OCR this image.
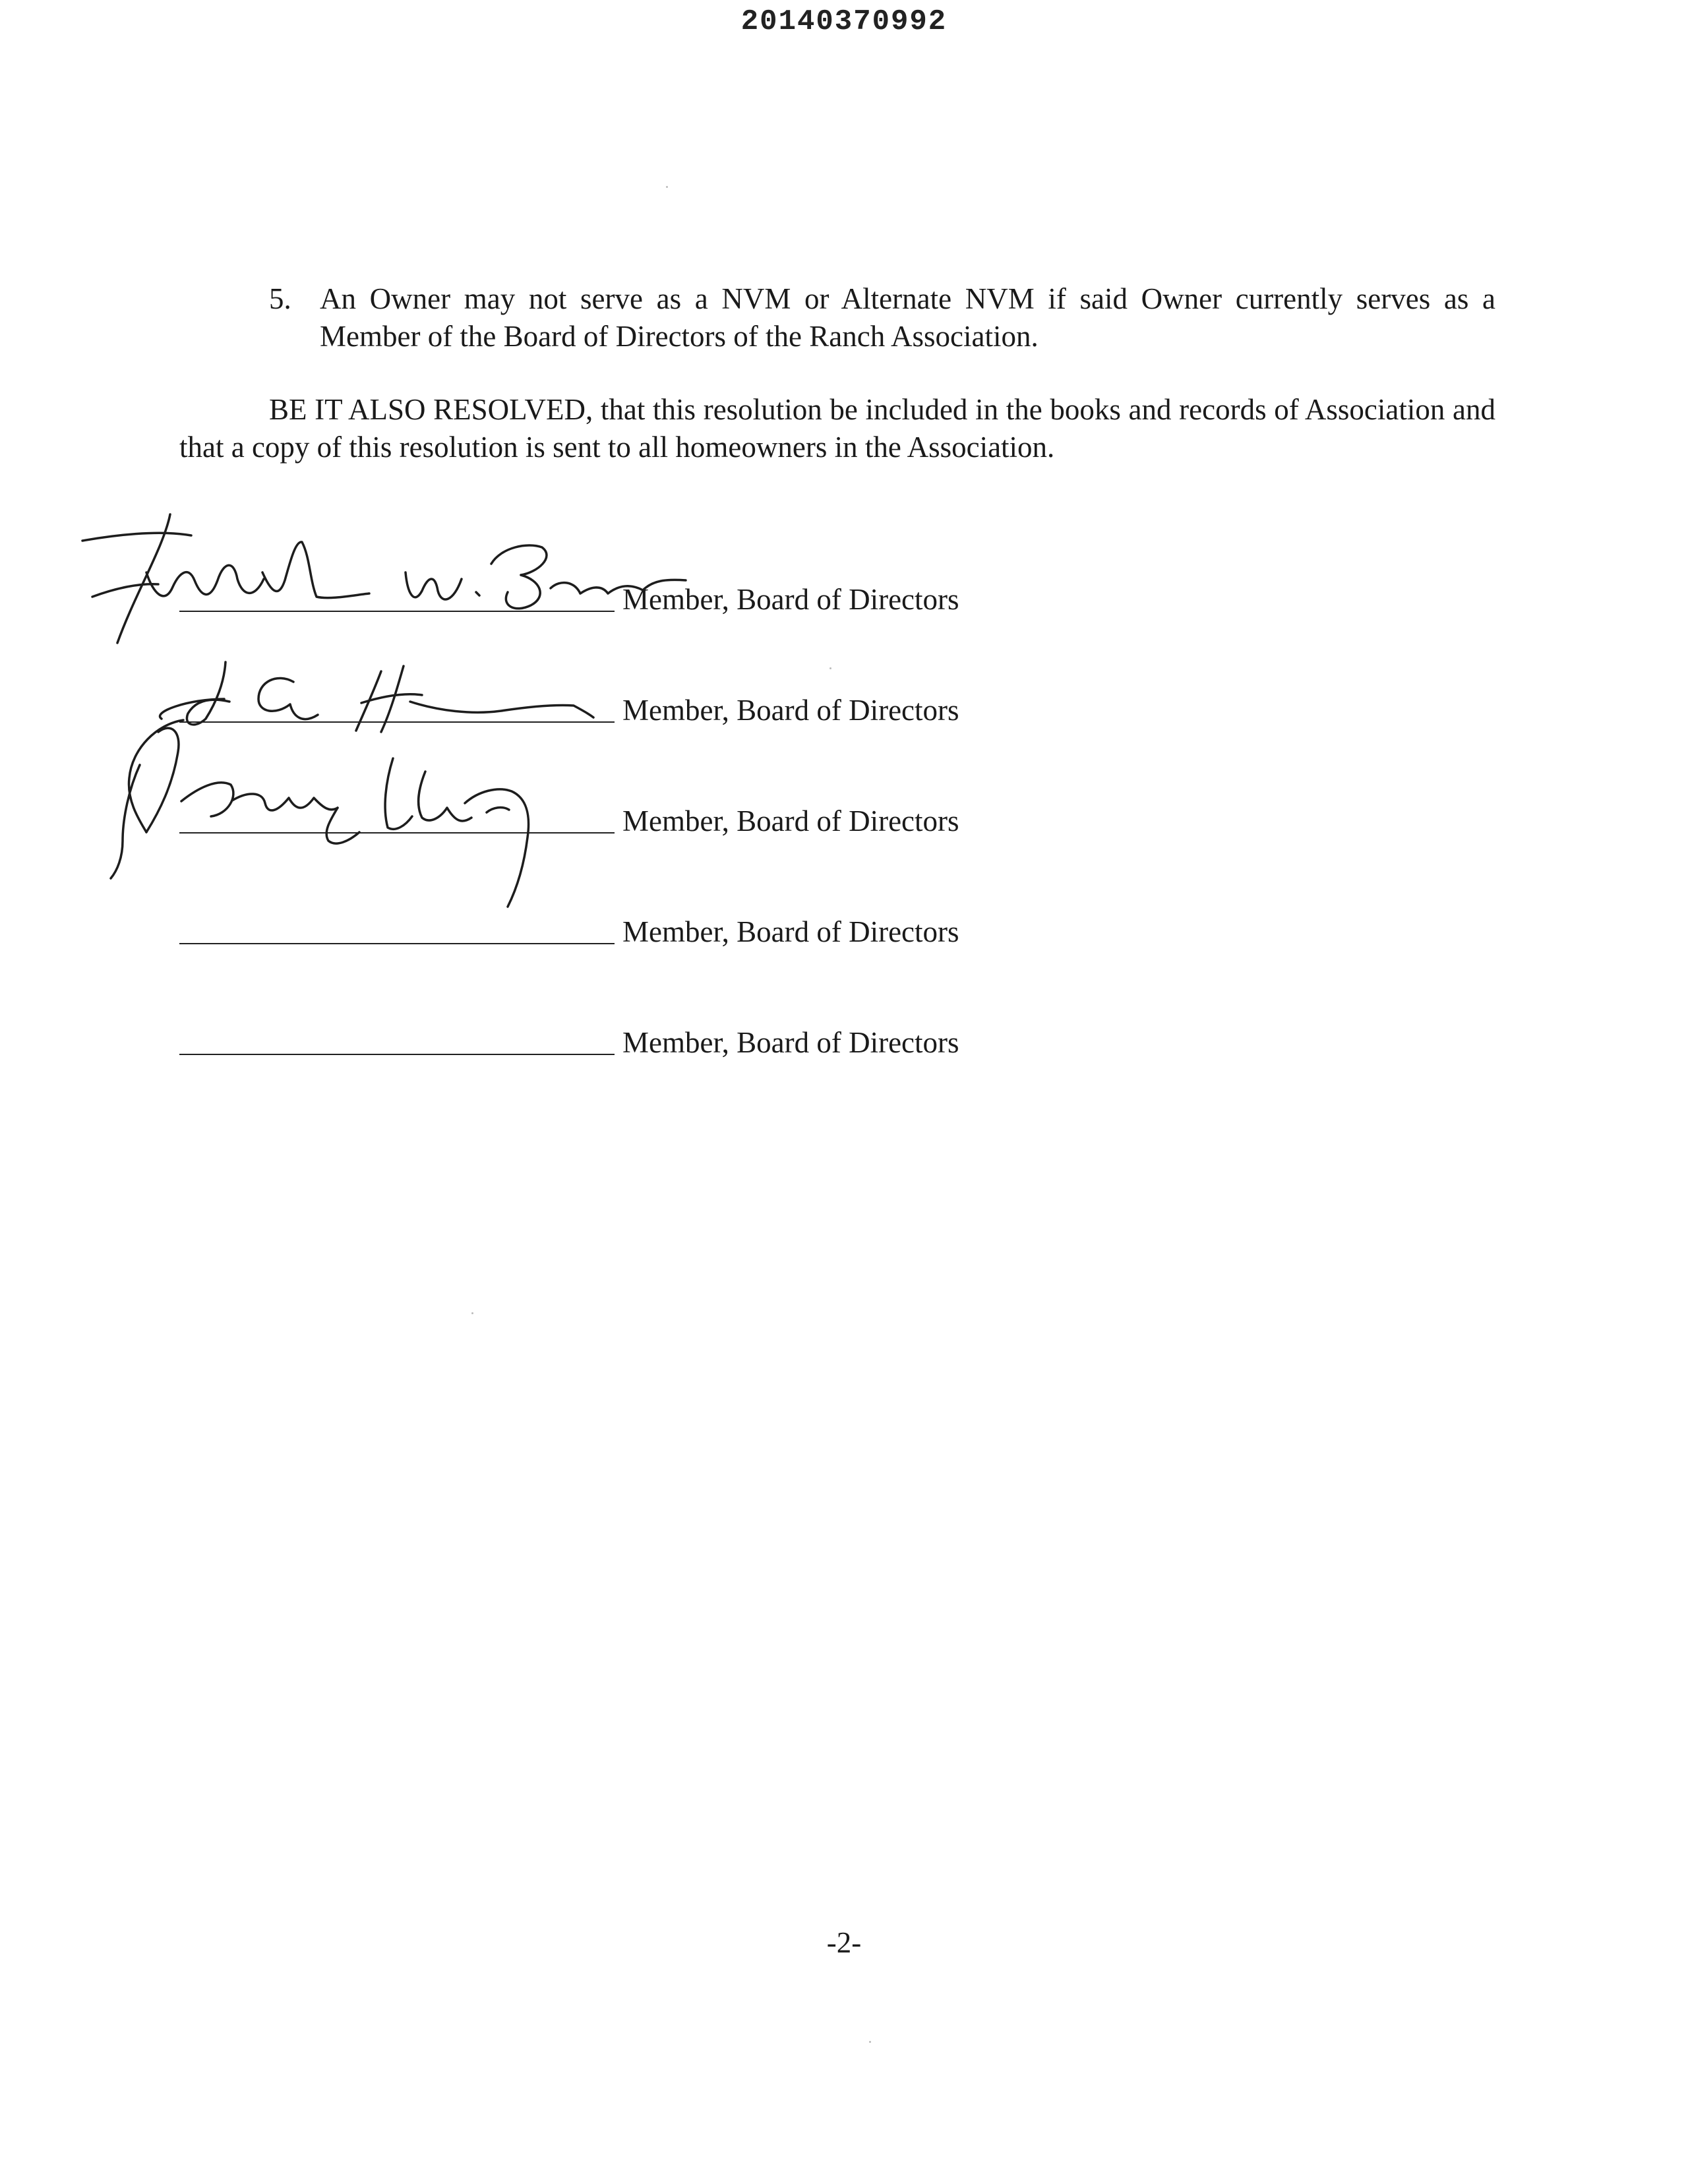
20140370992
5. An Owner may not serve as a NVM or Alternate NVM if said Owner currently serves as a Member of the Board of Directors of the Ranch Association.
BE IT ALSO RESOLVED, that this resolution be included in the books and records of Association and that a copy of this resolution is sent to all homeowners in the Association.
Member, Board of Directors
Member, Board of Directors
Member, Board of Directors
Member, Board of Directors
Member, Board of Directors
-2-
